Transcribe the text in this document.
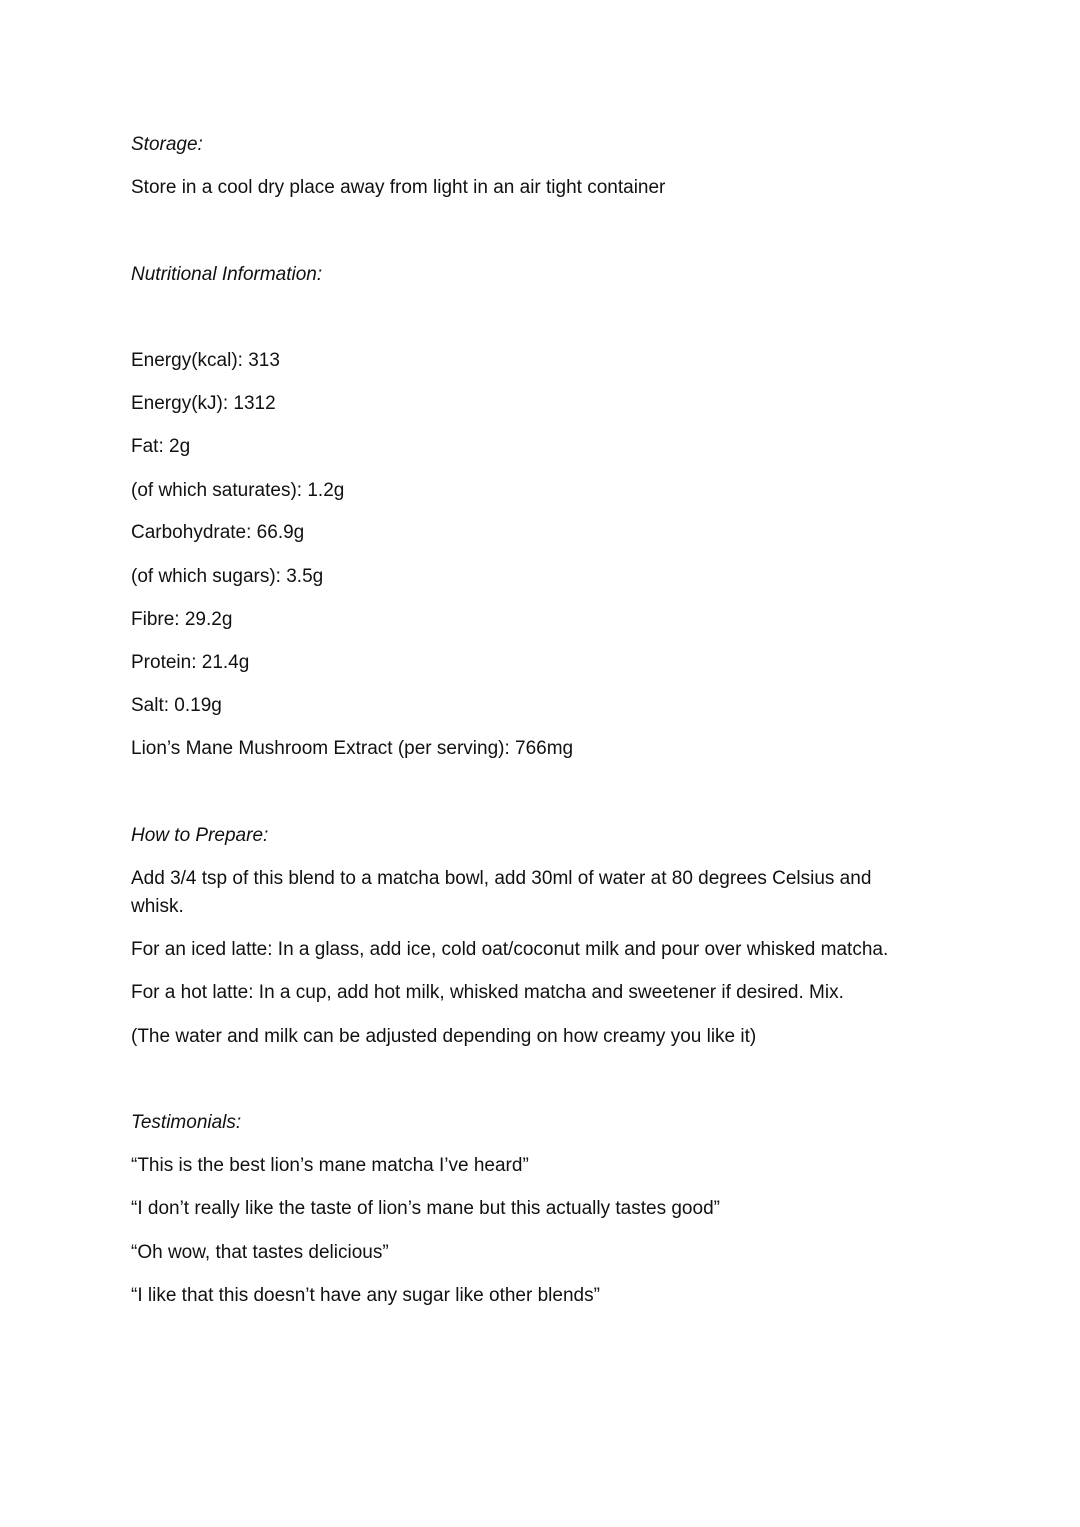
Storage:

Store in a cool dry place away from light in an air tight container

Nutritional Information:

Energy(kcal): 313

Energy(kJ): 1312

Fat: 2g

(of which saturates): 1.2g

Carbohydrate: 66.9g

(of which sugars): 3.5g

Fibre: 29.2g

Protein: 21.4g

Salt: 0.19g

Lion’s Mane Mushroom Extract (per serving): 766mg

How to Prepare:

Add 3/4 tsp of this blend to a matcha bowl, add 30ml of water at 80 degrees Celsius and whisk.

For an iced latte: In a glass, add ice, cold oat/coconut milk and pour over whisked matcha.

For a hot latte: In a cup, add hot milk, whisked matcha and sweetener if desired. Mix.

(The water and milk can be adjusted depending on how creamy you like it)

Testimonials:

“This is the best lion’s mane matcha I’ve heard”

“I don’t really like the taste of lion’s mane but this actually tastes good”

“Oh wow, that tastes delicious”

“I like that this doesn’t have any sugar like other blends”
